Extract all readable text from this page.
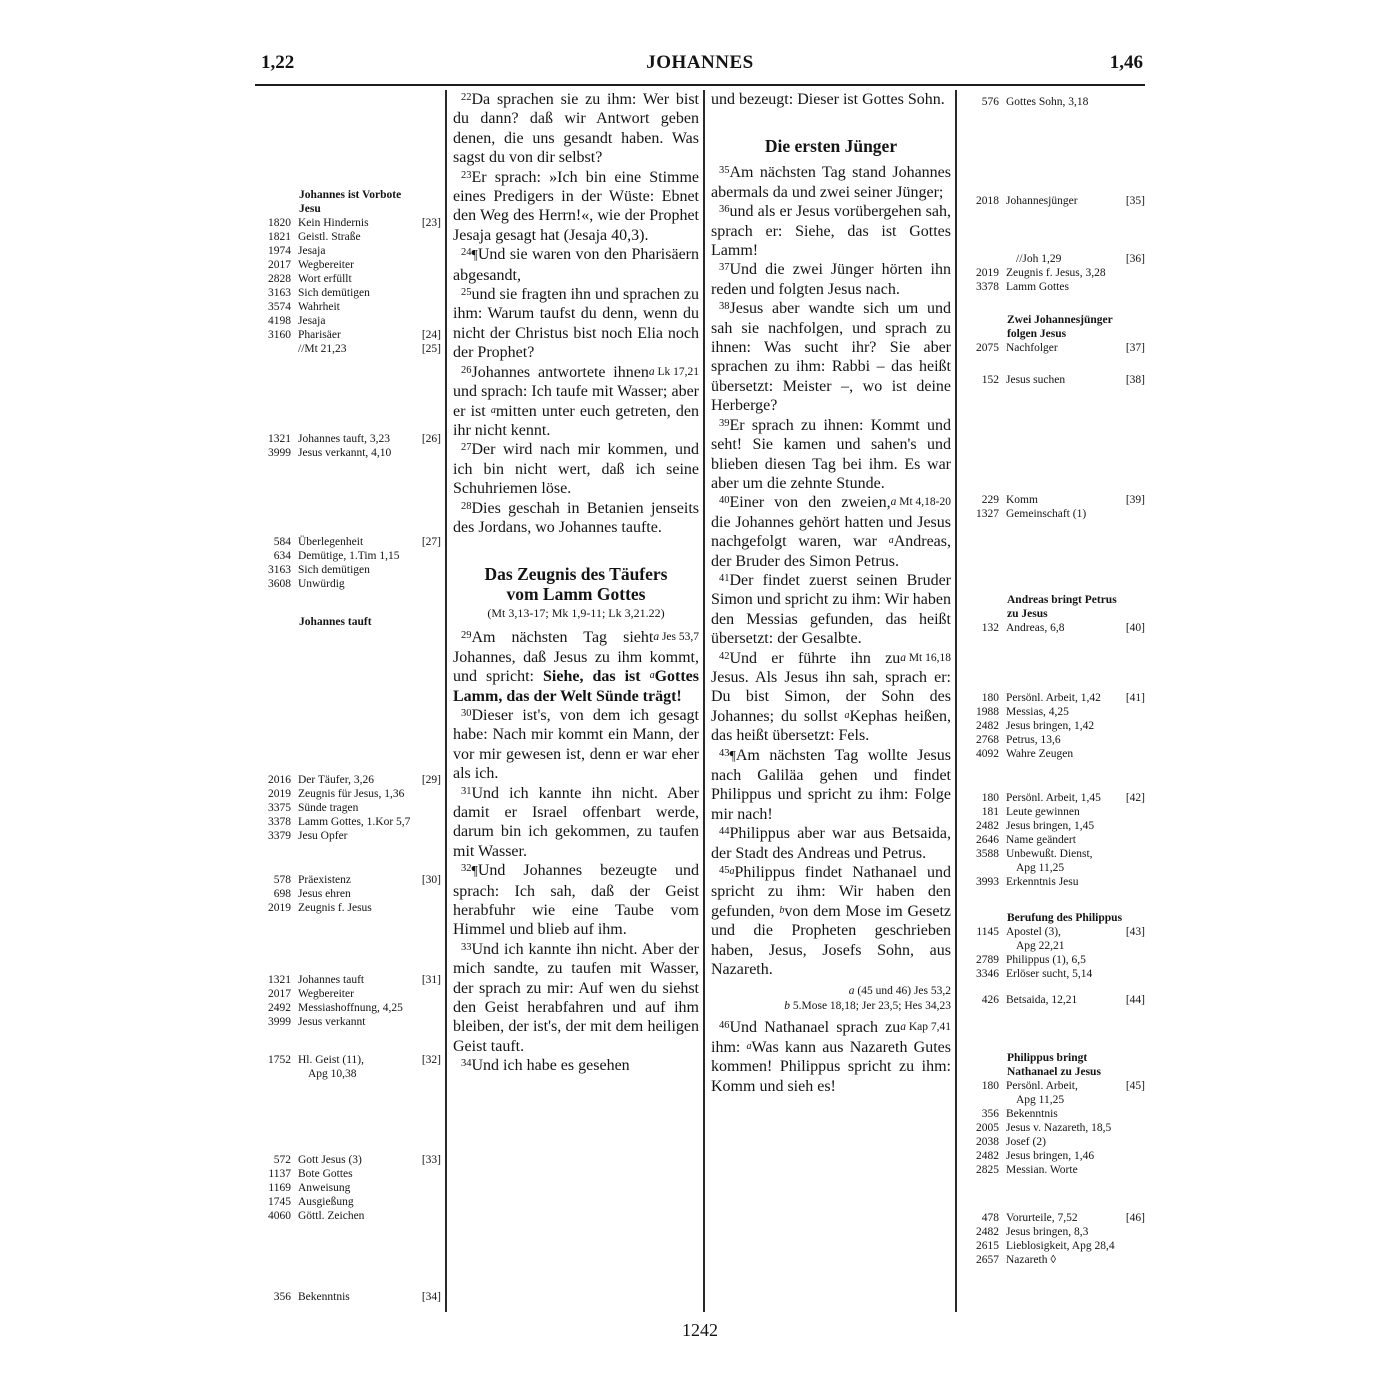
1,22	JOHANNES	1,46
Johannes ist Vorbote
Jesu
1820 Kein Hindernis	[23]
1821 Geistl. Straße
1974 Jesaja
2017 Wegbereiter
2828 Wort erfüllt
3163 Sich demütigen
3574 Wahrheit
4198 Jesaja
3160 Pharisäer	[24]
//Mt 21,23	[25]
1321 Johannes tauft, 3,23	[26]
3999 Jesus verkannt, 4,10
584 Überlegenheit	[27]
634 Demütige, 1.Tim 1,15
3163 Sich demütigen
3608 Unwürdig
Johannes tauft
2016 Der Täufer, 3,26	[29]
2019 Zeugnis für Jesus, 1,36
3375 Sünde tragen
3378 Lamm Gottes, 1.Kor 5,7
3379 Jesu Opfer
578 Präexistenz	[30]
698 Jesus ehren
2019 Zeugnis f. Jesus
1321 Johannes tauft	[31]
2017 Wegbereiter
2492 Messiashoffnung, 4,25
3999 Jesus verkannt
1752 Hl. Geist (11),	[32]
Apg 10,38
572 Gott Jesus (3)	[33]
1137 Bote Gottes
1169 Anweisung
1745 Ausgießung
4060 Göttl. Zeichen
356 Bekenntnis	[34]

$^{22}$Da sprachen sie zu ihm: Wer bist du dann? daß wir Antwort geben denen, die uns gesandt haben. Was sagst du von dir selbst?

$^{23}$Er sprach: »Ich bin eine Stimme eines Predigers in der Wüste: Ebnet den Weg des Herrn!«, wie der Prophet Jesaja gesagt hat (Jesaja 40,3).

$^{24}$¶Und sie waren von den Pharisäern abgesandt,

$^{25}$und sie fragten ihn und sprachen zu ihm: Warum taufst du denn, wenn du nicht der Christus bist noch Elia noch der Prophet?

a Lk 17,21
$^{26}$Johannes antwortete ihnen und sprach: Ich taufe mit Wasser; aber er ist $^a$mitten unter euch getreten, den ihr nicht kennt.

$^{27}$Der wird nach mir kommen, und ich bin nicht wert, daß ich seine Schuhriemen löse.

$^{28}$Dies geschah in Betanien jenseits des Jordans, wo Johannes taufte.

Das Zeugnis des Täufers
vom Lamm Gottes
(Mt 3,13-17; Mk 1,9-11; Lk 3,21.22)

a Jes 53,7
$^{29}$Am nächsten Tag sieht Johannes, daß Jesus zu ihm kommt, und spricht: Siehe, das ist $^a$Gottes Lamm, das der Welt Sünde trägt!

$^{30}$Dieser ist's, von dem ich gesagt habe: Nach mir kommt ein Mann, der vor mir gewesen ist, denn er war eher als ich.

$^{31}$Und ich kannte ihn nicht. Aber damit er Israel offenbart werde, darum bin ich gekommen, zu taufen mit Wasser.

$^{32}$¶Und Johannes bezeugte und sprach: Ich sah, daß der Geist herabfuhr wie eine Taube vom Himmel und blieb auf ihm.

$^{33}$Und ich kannte ihn nicht. Aber der mich sandte, zu taufen mit Wasser, der sprach zu mir: Auf wen du siehst den Geist herabfahren und auf ihm bleiben, der ist's, der mit dem heiligen Geist tauft.

$^{34}$Und ich habe es gesehen

und bezeugt: Dieser ist Gottes Sohn.

Die ersten Jünger

$^{35}$Am nächsten Tag stand Johannes abermals da und zwei seiner Jünger;

$^{36}$und als er Jesus vorübergehen sah, sprach er: Siehe, das ist Gottes Lamm!

$^{37}$Und die zwei Jünger hörten ihn reden und folgten Jesus nach.

$^{38}$Jesus aber wandte sich um und sah sie nachfolgen, und sprach zu ihnen: Was sucht ihr? Sie aber sprachen zu ihm: Rabbi – das heißt übersetzt: Meister –, wo ist deine Herberge?

$^{39}$Er sprach zu ihnen: Kommt und seht! Sie kamen und sahen's und blieben diesen Tag bei ihm. Es war aber um die zehnte Stunde.

a Mt 4,18-20
$^{40}$Einer von den zweien, die Johannes gehört hatten und Jesus nachgefolgt waren, war $^a$Andreas, der Bruder des Simon Petrus.

$^{41}$Der findet zuerst seinen Bruder Simon und spricht zu ihm: Wir haben den Messias gefunden, das heißt übersetzt: der Gesalbte.

a Mt 16,18
$^{42}$Und er führte ihn zu Jesus. Als Jesus ihn sah, sprach er: Du bist Simon, der Sohn des Johannes; du sollst $^a$Kephas heißen, das heißt übersetzt: Fels.

$^{43}$¶Am nächsten Tag wollte Jesus nach Galiläa gehen und findet Philippus und spricht zu ihm: Folge mir nach!

$^{44}$Philippus aber war aus Betsaida, der Stadt des Andreas und Petrus.

$^{45a}$Philippus findet Nathanael und spricht zu ihm: Wir haben den gefunden, $^b$von dem Mose im Gesetz und die Propheten geschrieben haben, Jesus, Josefs Sohn, aus Nazareth.

a (45 und 46) Jes 53,2
b 5.Mose 18,18; Jer 23,5; Hes 34,23

a Kap 7,41
$^{46}$Und Nathanael sprach zu ihm: $^a$Was kann aus Nazareth Gutes kommen! Philippus spricht zu ihm: Komm und sieh es!

576 Gottes Sohn, 3,18
2018 Johannesjünger	[35]
//Joh 1,29	[36]
2019 Zeugnis f. Jesus, 3,28
3378 Lamm Gottes
Zwei Johannesjünger
folgen Jesus
2075 Nachfolger	[37]
152 Jesus suchen	[38]
229 Komm	[39]
1327 Gemeinschaft (1)
Andreas bringt Petrus
zu Jesus
132 Andreas, 6,8	[40]
180 Persönl. Arbeit, 1,42	[41]
1988 Messias, 4,25
2482 Jesus bringen, 1,42
2768 Petrus, 13,6
4092 Wahre Zeugen
180 Persönl. Arbeit, 1,45	[42]
181 Leute gewinnen
2482 Jesus bringen, 1,45
2646 Name geändert
3588 Unbewußt. Dienst,
Apg 11,25
3993 Erkenntnis Jesu
Berufung des Philippus
1145 Apostel (3),	[43]
Apg 22,21
2789 Philippus (1), 6,5
3346 Erlöser sucht, 5,14
426 Betsaida, 12,21	[44]
Philippus bringt
Nathanael zu Jesus
180 Persönl. Arbeit,	[45]
Apg 11,25
356 Bekenntnis
2005 Jesus v. Nazareth, 18,5
2038 Josef (2)
2482 Jesus bringen, 1,46
2825 Messian. Worte
478 Vorurteile, 7,52	[46]
2482 Jesus bringen, 8,3
2615 Lieblosigkeit, Apg 28,4
2657 Nazareth ◊
1242
